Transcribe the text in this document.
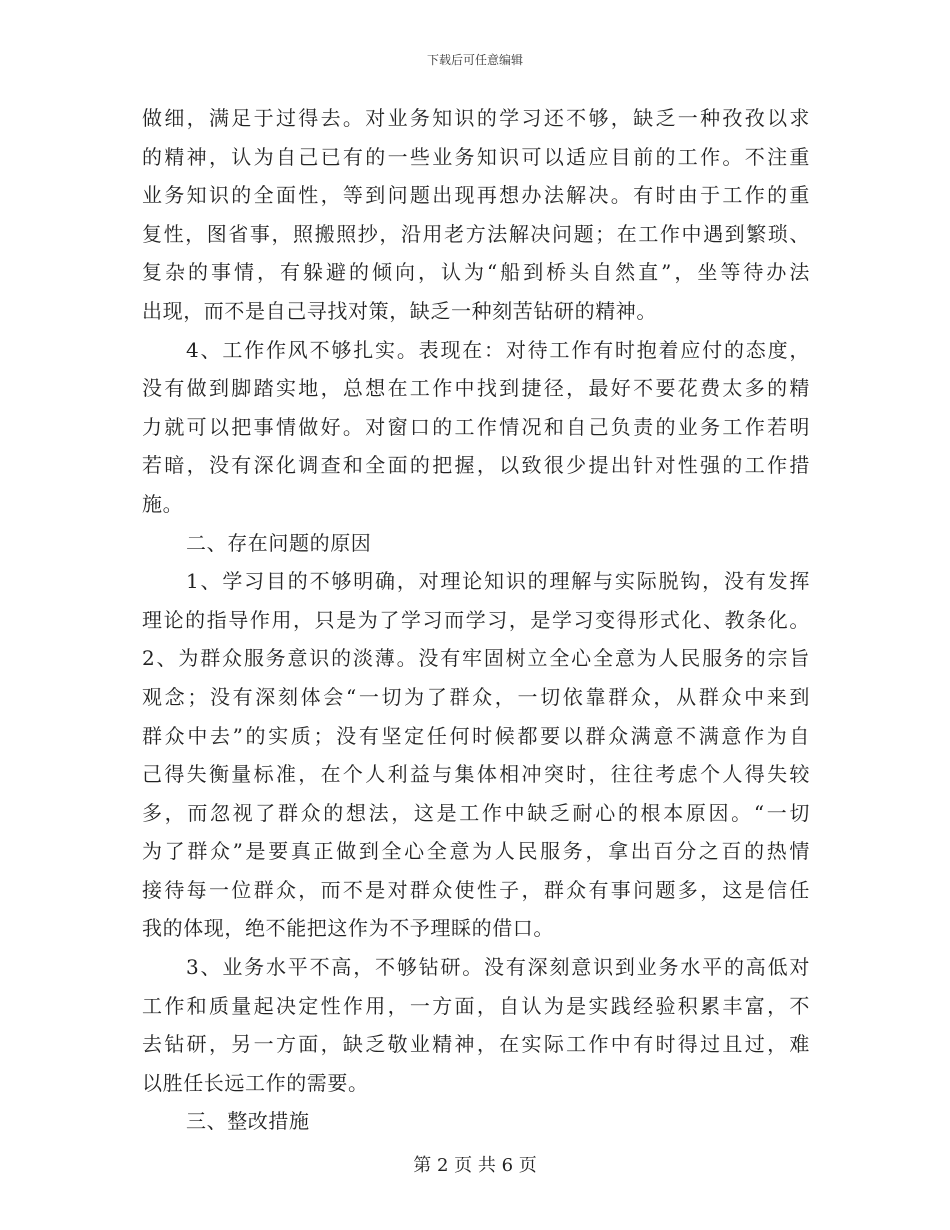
下载后可任意编辑
做细，满足于过得去。对业务知识的学习还不够，缺乏一种孜孜以求
的精神，认为自己已有的一些业务知识可以适应目前的工作。不注重
业务知识的全面性，等到问题出现再想办法解决。有时由于工作的重
复性，图省事，照搬照抄，沿用老方法解决问题；在工作中遇到繁琐、
复杂的事情，有躲避的倾向，认为“船到桥头自然直”，坐等待办法
出现，而不是自己寻找对策，缺乏一种刻苦钻研的精神。
4、工作作风不够扎实。表现在：对待工作有时抱着应付的态度，
没有做到脚踏实地，总想在工作中找到捷径，最好不要花费太多的精
力就可以把事情做好。对窗口的工作情况和自己负责的业务工作若明
若暗，没有深化调查和全面的把握，以致很少提出针对性强的工作措
施。
二、存在问题的原因
1、学习目的不够明确，对理论知识的理解与实际脱钩，没有发挥
理论的指导作用，只是为了学习而学习，是学习变得形式化、教条化。
2、为群众服务意识的淡薄。没有牢固树立全心全意为人民服务的宗旨
观念；没有深刻体会“一切为了群众，一切依靠群众，从群众中来到
群众中去”的实质；没有坚定任何时候都要以群众满意不满意作为自
己得失衡量标准，在个人利益与集体相冲突时，往往考虑个人得失较
多，而忽视了群众的想法，这是工作中缺乏耐心的根本原因。“一切
为了群众”是要真正做到全心全意为人民服务，拿出百分之百的热情
接待每一位群众，而不是对群众使性子，群众有事问题多，这是信任
我的体现，绝不能把这作为不予理睬的借口。
3、业务水平不高，不够钻研。没有深刻意识到业务水平的高低对
工作和质量起决定性作用，一方面，自认为是实践经验积累丰富，不
去钻研，另一方面，缺乏敬业精神，在实际工作中有时得过且过，难
以胜任长远工作的需要。
三、整改措施
第 2 页 共 6 页
